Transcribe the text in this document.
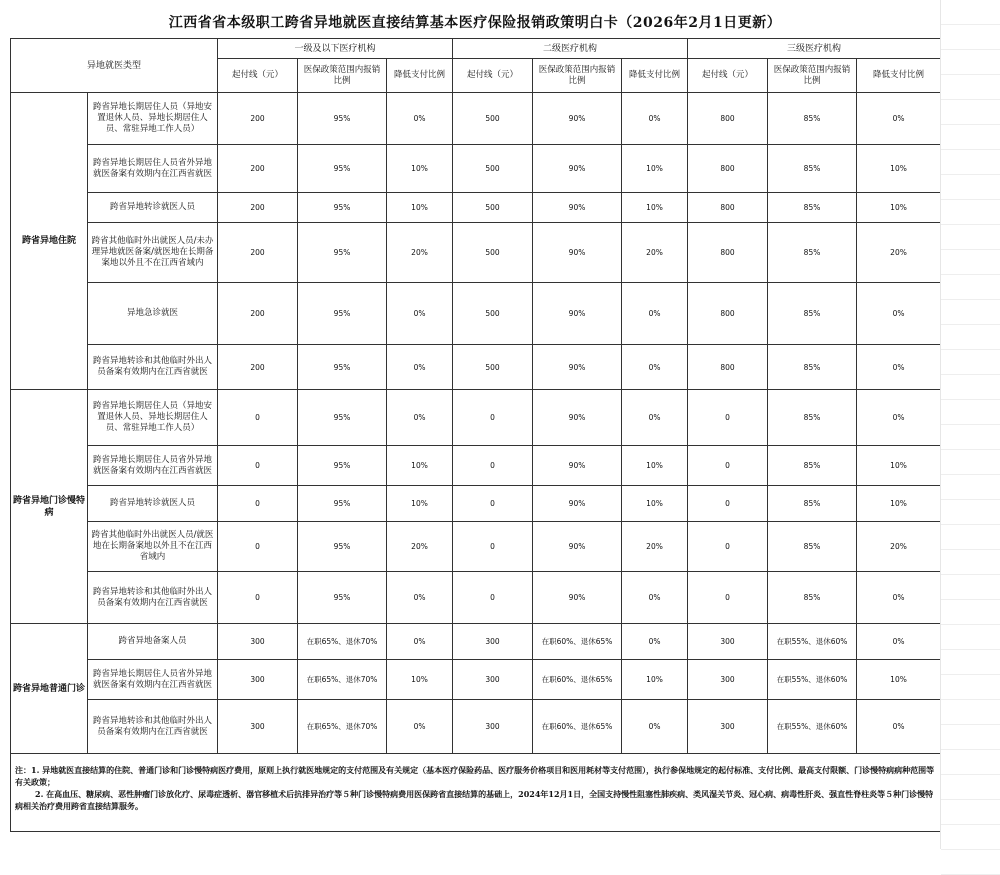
江西省省本级职工跨省异地就医直接结算基本医疗保险报销政策明白卡（2026年2月1日更新）
异地就医类型		一级及以下医疗机构			二级医疗机构			三级医疗机构		
		起付线（元）	医保政策范围内报销比例	降低支付比例	起付线（元）	医保政策范围内报销比例	降低支付比例	起付线（元）	医保政策范围内报销比例	降低支付比例
跨省异地住院	跨省异地长期居住人员（异地安置退休人员、异地长期居住人员、常驻异地工作人员）	200	95%	0%	500	90%	0%	800	85%	0%
	跨省异地长期居住人员省外异地就医备案有效期内在江西省就医	200	95%	10%	500	90%	10%	800	85%	10%
	跨省异地转诊就医人员	200	95%	10%	500	90%	10%	800	85%	10%
	跨省其他临时外出就医人员/未办理异地就医备案/就医地在长期备案地以外且不在江西省域内	200	95%	20%	500	90%	20%	800	85%	20%
	异地急诊就医	200	95%	0%	500	90%	0%	800	85%	0%
	跨省异地转诊和其他临时外出人员备案有效期内在江西省就医	200	95%	0%	500	90%	0%	800	85%	0%
跨省异地门诊慢特病	跨省异地长期居住人员（异地安置退休人员、异地长期居住人员、常驻异地工作人员）	0	95%	0%	0	90%	0%	0	85%	0%
	跨省异地长期居住人员省外异地就医备案有效期内在江西省就医	0	95%	10%	0	90%	10%	0	85%	10%
	跨省异地转诊就医人员	0	95%	10%	0	90%	10%	0	85%	10%
	跨省其他临时外出就医人员/就医地在长期备案地以外且不在江西省域内	0	95%	20%	0	90%	20%	0	85%	20%
	跨省异地转诊和其他临时外出人员备案有效期内在江西省就医	0	95%	0%	0	90%	0%	0	85%	0%
跨省异地普通门诊	跨省异地备案人员	300	在职65%、退休70%	0%	300	在职60%、退休65%	0%	300	在职55%、退休60%	0%
	跨省异地长期居住人员省外异地就医备案有效期内在江西省就医	300	在职65%、退休70%	10%	300	在职60%、退休65%	10%	300	在职55%、退休60%	10%
	跨省异地转诊和其他临时外出人员备案有效期内在江西省就医	300	在职65%、退休70%	0%	300	在职60%、退休65%	0%	300	在职55%、退休60%	0%
注：1. 异地就医直接结算的住院、普通门诊和门诊慢特病医疗费用，原则上执行就医地规定的支付范围及有关规定（基本医疗保险药品、医疗服务价格项目和医用耗材等支付范围），执行参保地规定的起付标准、支付比例、最高支付限额、门诊慢特病病种范围等有关政策；
2. 在高血压、糖尿病、恶性肿瘤门诊放化疗、尿毒症透析、器官移植术后抗排异治疗等５种门诊慢特病费用医保跨省直接结算的基础上，2024年12月1日，全国支持慢性阻塞性肺疾病、类风湿关节炎、冠心病、病毒性肝炎、强直性脊柱炎等５种门诊慢特病相关治疗费用跨省直接结算服务。										
